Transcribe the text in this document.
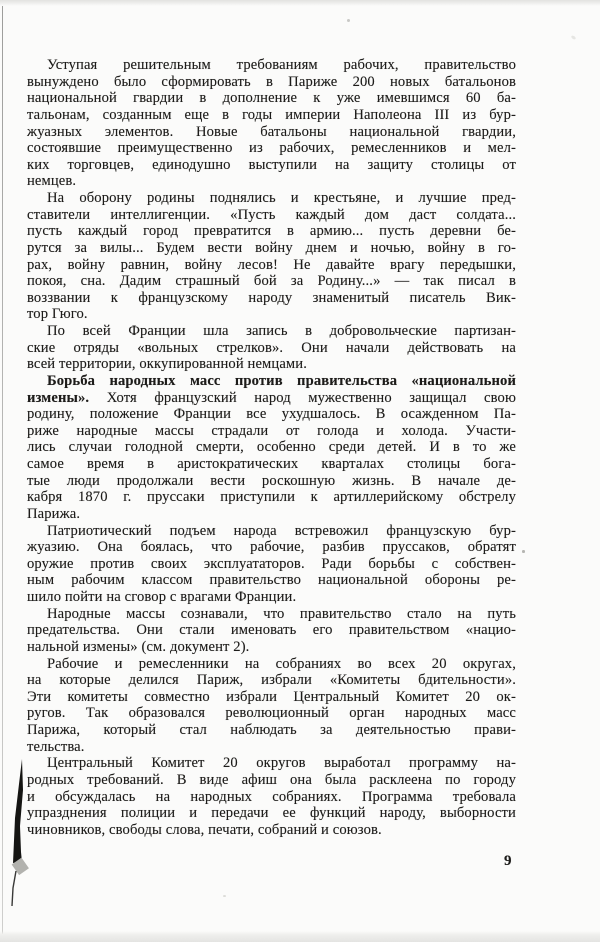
Уступая решительным требованиям рабочих, правительство
вынуждено было сформировать в Париже 200 новых батальонов
национальной гвардии в дополнение к уже имевшимся 60 ба-
тальонам, созданным еще в годы империи Наполеона III из бур-
жуазных элементов. Новые батальоны национальной гвардии,
состоявшие преимущественно из рабочих, ремесленников и мел-
ких торговцев, единодушно выступили на защиту столицы от
немцев.
На оборону родины поднялись и крестьяне, и лучшие пред-
ставители интеллигенции. «Пусть каждый дом даст солдата...
пусть каждый город превратится в армию... пусть деревни бе-
рутся за вилы... Будем вести войну днем и ночью, войну в го-
рах, войну равнин, войну лесов! Не давайте врагу передышки,
покоя, сна. Дадим страшный бой за Родину...» — так писал в
воззвании к французскому народу знаменитый писатель Вик-
тор Гюго.
По всей Франции шла запись в добровольческие партизан-
ские отряды «вольных стрелков». Они начали действовать на
всей территории, оккупированной немцами.
Борьба народных масс против правительства «национальной
измены». Хотя французский народ мужественно защищал свою
родину, положение Франции все ухудшалось. В осажденном Па-
риже народные массы страдали от голода и холода. Участи-
лись случаи голодной смерти, особенно среди детей. И в то же
самое время в аристократических кварталах столицы бога-
тые люди продолжали вести роскошную жизнь. В начале де-
кабря 1870 г. пруссаки приступили к артиллерийскому обстрелу
Парижа.
Патриотический подъем народа встревожил французскую бур-
жуазию. Она боялась, что рабочие, разбив пруссаков, обратят
оружие против своих эксплуататоров. Ради борьбы с собствен-
ным рабочим классом правительство национальной обороны ре-
шило пойти на сговор с врагами Франции.
Народные массы сознавали, что правительство стало на путь
предательства. Они стали именовать его правительством «нацио-
нальной измены» (см. документ 2).
Рабочие и ремесленники на собраниях во всех 20 округах,
на которые делился Париж, избрали «Комитеты бдительности».
Эти комитеты совместно избрали Центральный Комитет 20 ок-
ругов. Так образовался революционный орган народных масс
Парижа, который стал наблюдать за деятельностью прави-
тельства.
Центральный Комитет 20 округов выработал программу на-
родных требований. В виде афиш она была расклеена по городу
и обсуждалась на народных собраниях. Программа требовала
упразднения полиции и передачи ее функций народу, выборности
чиновников, свободы слова, печати, собраний и союзов.
9
